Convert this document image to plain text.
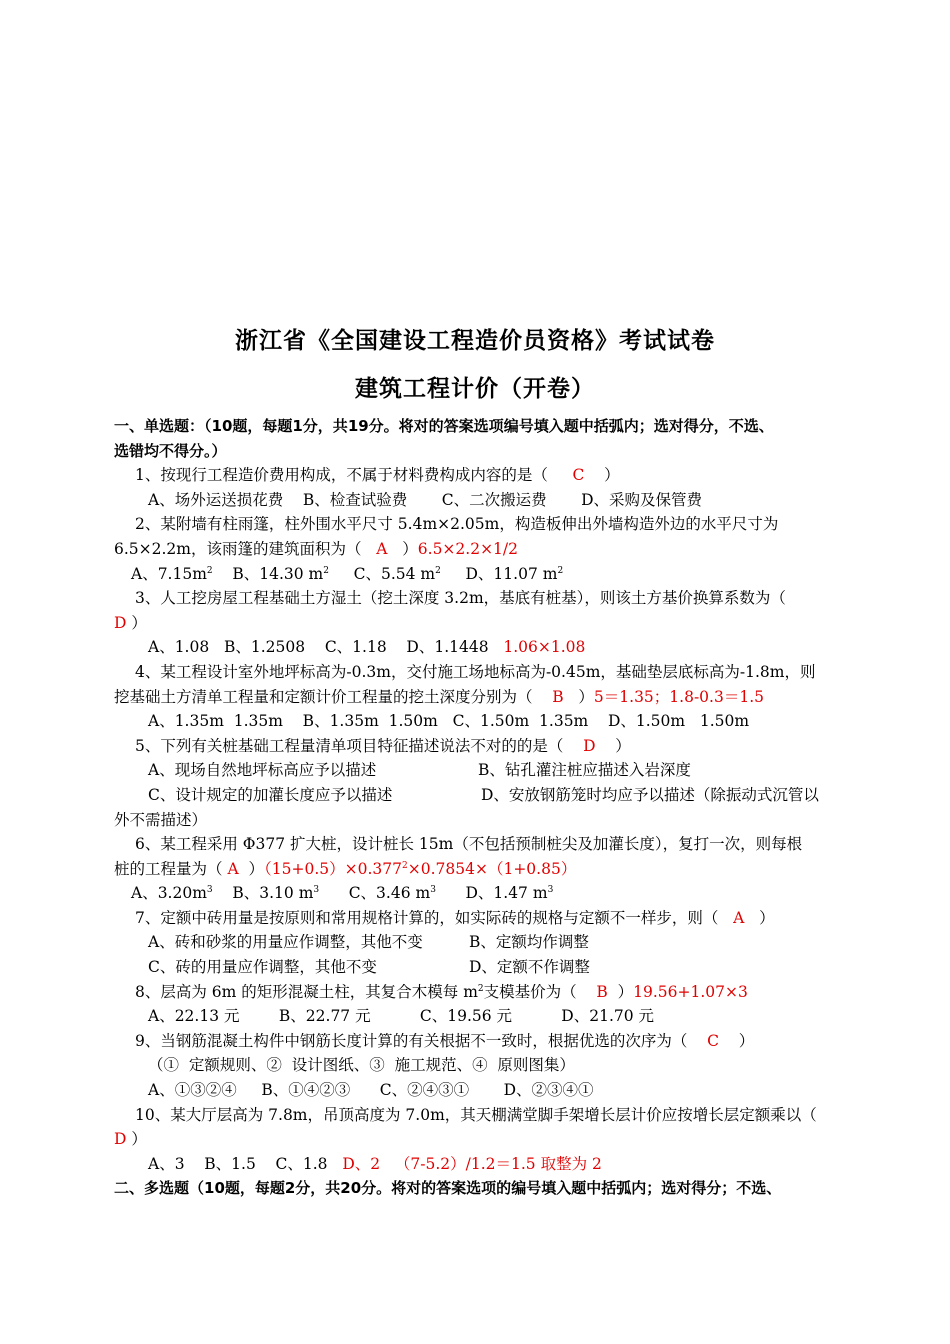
浙江省《全国建设工程造价员资格》考试试卷
建筑工程计价（开卷）
一、单选题：（10题，每题1分，共19分。将对的答案选项编号填入题中括弧内；选对得分，不选、
选错均不得分。）
1、按现行工程造价费用构成，不属于材料费构成内容的是（ C ）
A、场外运送损花费    B、检查试验费       C、二次搬运费       D、采购及保管费
2、某附墙有柱雨篷，柱外围水平尺寸 5.4m×2.05m，构造板伸出外墙构造外边的水平尺寸为
6.5×2.2m，该雨篷的建筑面积为（ A ）6.5×2.2×1/2
A、$7.15m^2$ B、14.30 $m^2$ C、5.54 $m^2$ D、11.07 $m^2$
3、人工挖房屋工程基础土方湿土（挖土深度 3.2m，基底有桩基），则该土方基价换算系数为（
D ）
A、1.08   B、1.2508    C、1.18    D、1.1448 1.06×1.08
4、某工程设计室外地坪标高为-0.3m，交付施工场地标高为-0.45m，基础垫层底标高为-1.8m，则
挖基础土方清单工程量和定额计价工程量的挖土深度分别为（ B ）5＝1.35；1.8-0.3＝1.5
A、1.35m  1.35m    B、1.35m  1.50m   C、1.50m  1.35m    D、1.50m   1.50m
5、下列有关桩基础工程量清单项目特征描述说法不对的的是（ D ）
A、现场自然地坪标高应予以描述	B、钻孔灌注桩应描述入岩深度
C、设计规定的加灌长度应予以描述	D、安放钢筋笼时均应予以描述（除振动式沉管以
外不需描述）
6、某工程采用 Φ377 扩大桩，设计桩长 15m（不包括预制桩尖及加灌长度），复打一次，则每根
桩的工程量为（ A ）$(15+0.5)\times 0.377^2\times 0.7854\times(1+0.85)$
A、$3.20m^3$ B、3.10 $m^3$ C、3.46 $m^3$ D、1.47 $m^3$
7、定额中砖用量是按原则和常用规格计算的，如实际砖的规格与定额不一样步，则（ A ）
A、砖和砂浆的用量应作调整，其他不变	B、定额均作调整
C、砖的用量应作调整，其他不变	D、定额不作调整
8、层高为 6m 的矩形混凝土柱，其复合木模每 $m^2$支模基价为（ B ）19.56+1.07×3
A、22.13 元        B、22.77 元          C、19.56 元          D、21.70 元
9、当钢筋混凝土构件中钢筋长度计算的有关根据不一致时，根据优选的次序为（ C ）
（①  定额规则、②  设计图纸、③  施工规范、④  原则图集）
A、①③②④     B、①④②③      C、②④③①       D、②③④①
10、某大厅层高为 7.8m，吊顶高度为 7.0m，其天棚满堂脚手架增长层计价应按增长层定额乘以（
D ）
A、3    B、1.5    C、1.8 D、2 （7-5.2）/1.2＝1.5 取整为 2
二、多选题（10题，每题2分，共20分。将对的答案选项的编号填入题中括弧内；选对得分；不选、
